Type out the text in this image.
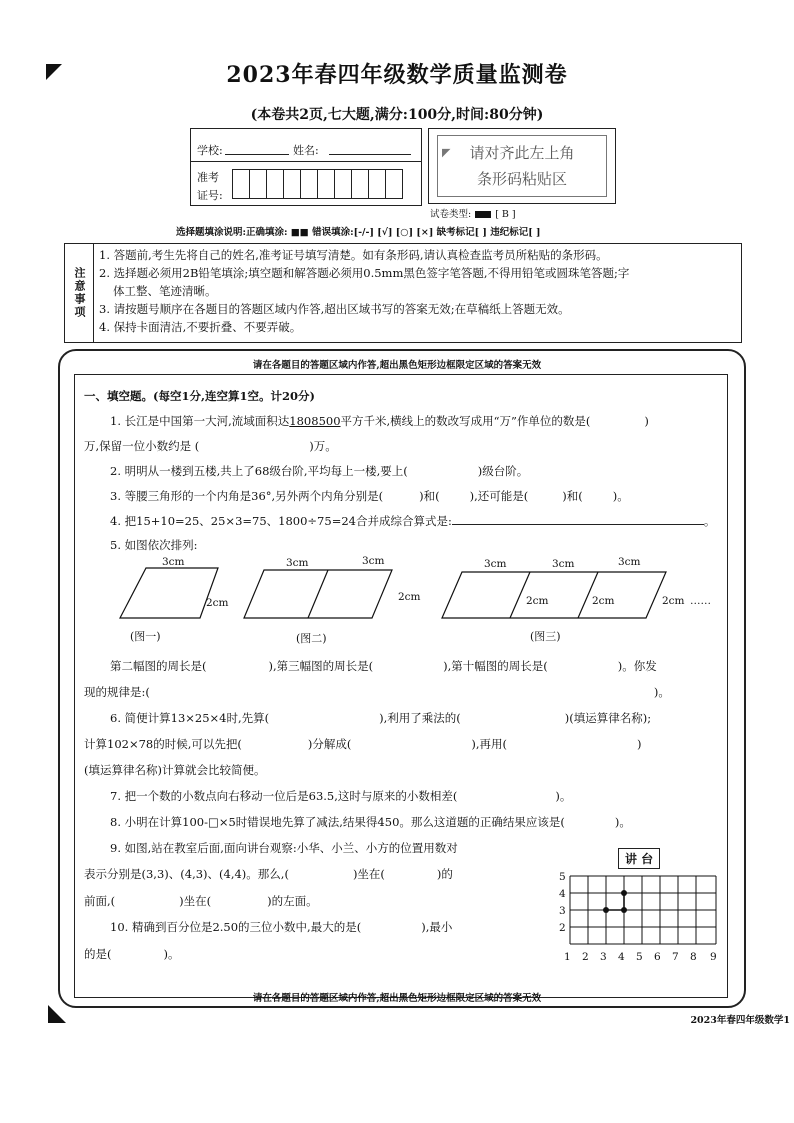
2023年春四年级数学质量监测卷
(本卷共2页,七大题,满分:100分,时间:80分钟)
学校:	姓名:
准考
证号:
◤	请对齐此左上角
条形码粘贴区
试卷类型:	[ B ]
选择题填涂说明:正确填涂: ■■ 错误填涂:[-/-] [√] [○] [×] 缺考标记[ ] 违纪标记[ ]
注意事项
1. 答题前,考生先将自己的姓名,准考证号填写清楚。如有条形码,请认真检查监考员所粘贴的条形码。
2. 选择题必须用2B铅笔填涂;填空题和解答题必须用0.5mm黑色签字笔答题,不得用铅笔或圆珠笔答题;字
体工整、笔迹清晰。
3. 请按题号顺序在各题目的答题区域内作答,超出区域书写的答案无效;在草稿纸上答题无效。
4. 保持卡面清洁,不要折叠、不要弄破。
请在各题目的答题区域内作答,超出黑色矩形边框限定区域的答案无效
请在各题目的答题区域内作答,超出黑色矩形边框限定区域的答案无效
一、填空题。(每空1分,连空算1空。计20分)
1. 长江是中国第一大河,流域面积达1808500平方千米,横线上的数改写成用“万”作单位的数是(	)
万,保留一位小数约是 (	)万。
2. 明明从一楼到五楼,共上了68级台阶,平均每上一楼,要上(	)级台阶。
3. 等腰三角形的一个内角是36°,另外两个内角分别是(	)和(	),还可能是(	)和(	)。
4. 把15+10=25、25×3=75、1800÷75=24合并成综合算式是:	。
5. 如图依次排列:
3cm
2cm
3cm	3cm
2cm
3cm	3cm	3cm
2cm	2cm	2cm ……
(图一)	(图二)	(图三)
第二幅图的周长是(	),第三幅图的周长是(	),第十幅图的周长是(	)。你发
现的规律是:(	)。
6. 简便计算13×25×4时,先算(	),利用了乘法的(	)(填运算律名称);
计算102×78的时候,可以先把(	)分解成(	),再用(	)
(填运算律名称)计算就会比较简便。
7. 把一个数的小数点向右移动一位后是63.5,这时与原来的小数相差(	)。
8. 小明在计算100-□×5时错误地先算了减法,结果得450。那么这道题的正确结果应该是(	)。
9. 如图,站在教室后面,面向讲台观察:小华、小兰、小方的位置用数对
表示分别是(3,3)、(4,3)、(4,4)。那么,(	)坐在(	)的
前面,(	)坐在(	)的左面。
10. 精确到百分位是2.50的三位小数中,最大的是(	),最小
的是(	)。
讲 台
5
4
3
2
1 2 3 4 5 6 7 8 9
2023年春四年级数学1
